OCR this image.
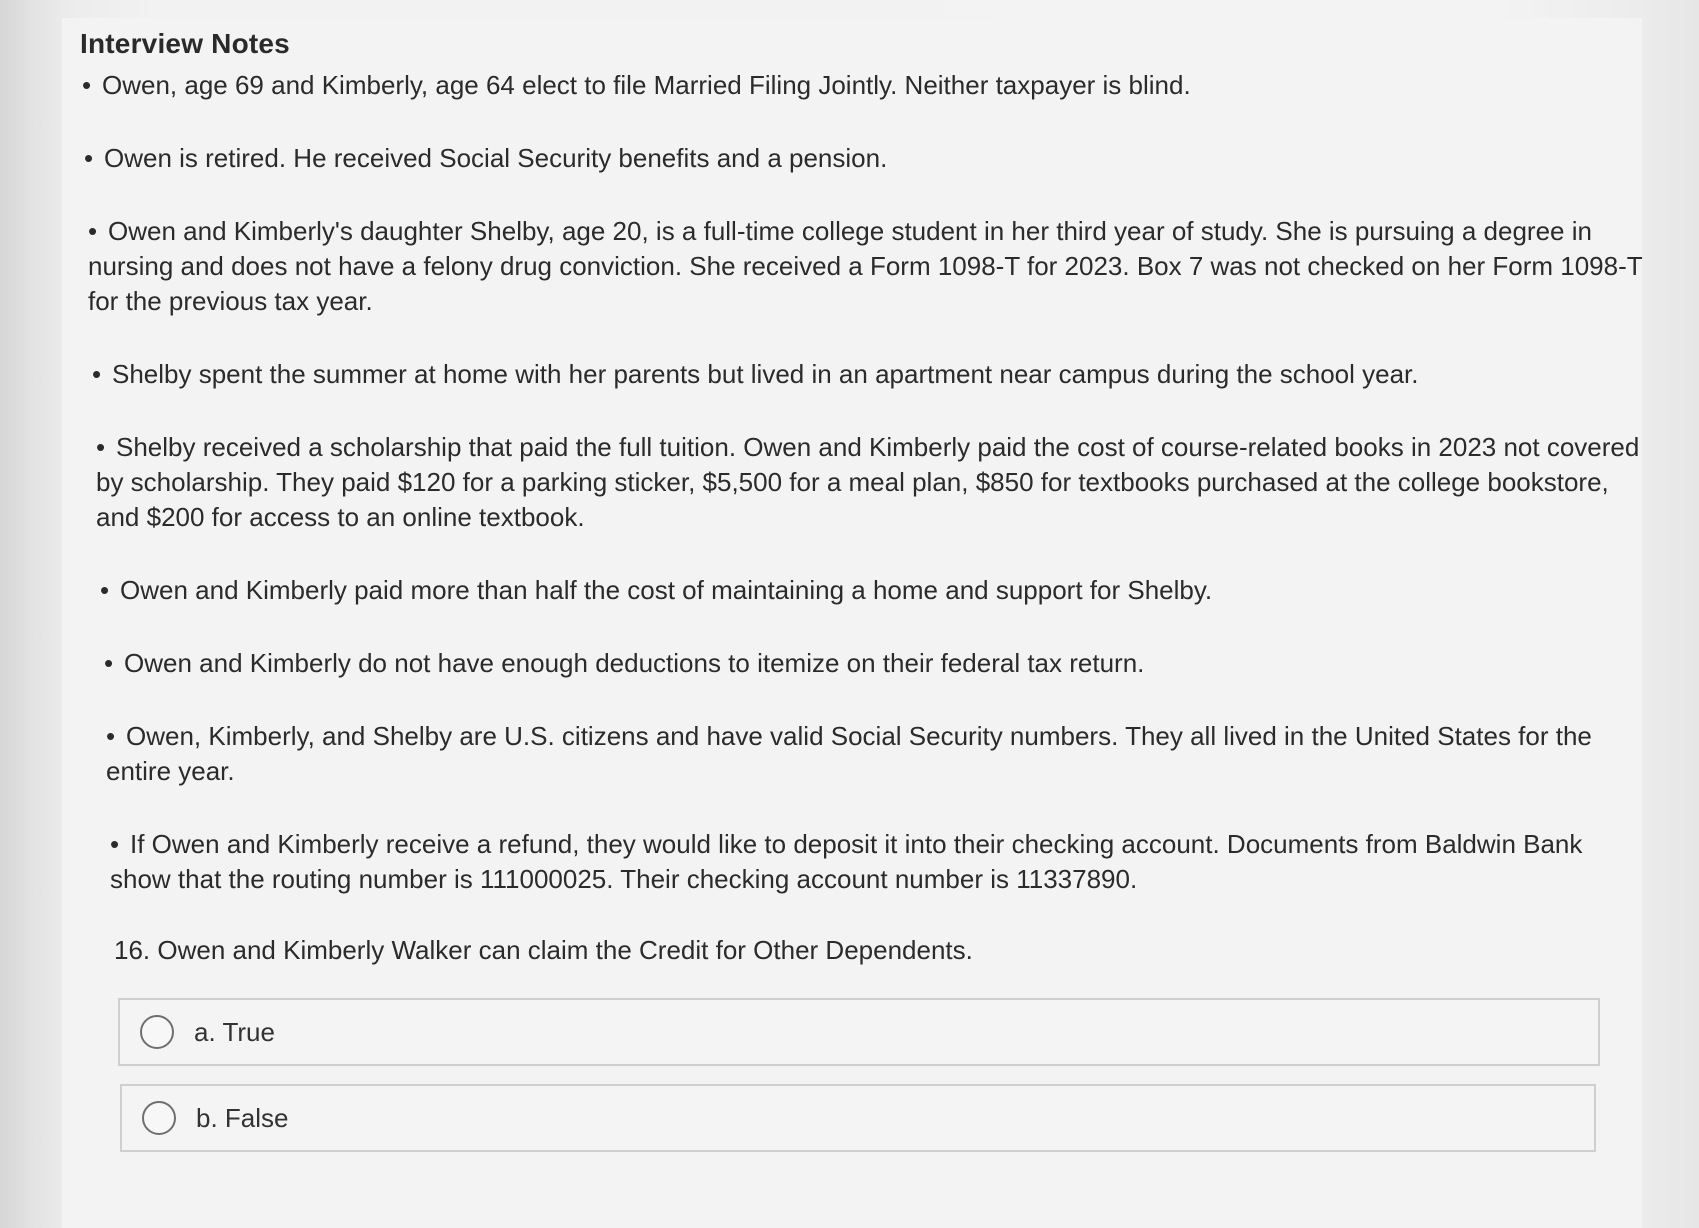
Interview Notes

• Owen, age 69 and Kimberly, age 64 elect to file Married Filing Jointly. Neither taxpayer is blind.

• Owen is retired. He received Social Security benefits and a pension.

• Owen and Kimberly's daughter Shelby, age 20, is a full-time college student in her third year of study. She is pursuing a degree in nursing and does not have a felony drug conviction. She received a Form 1098-T for 2023. Box 7 was not checked on her Form 1098-T for the previous tax year.

• Shelby spent the summer at home with her parents but lived in an apartment near campus during the school year.

• Shelby received a scholarship that paid the full tuition. Owen and Kimberly paid the cost of course-related books in 2023 not covered by scholarship. They paid $120 for a parking sticker, $5,500 for a meal plan, $850 for textbooks purchased at the college bookstore, and $200 for access to an online textbook.

• Owen and Kimberly paid more than half the cost of maintaining a home and support for Shelby.

• Owen and Kimberly do not have enough deductions to itemize on their federal tax return.

• Owen, Kimberly, and Shelby are U.S. citizens and have valid Social Security numbers. They all lived in the United States for the entire year.

• If Owen and Kimberly receive a refund, they would like to deposit it into their checking account. Documents from Baldwin Bank show that the routing number is 111000025. Their checking account number is 11337890.

16. Owen and Kimberly Walker can claim the Credit for Other Dependents.
a. True
b. False
